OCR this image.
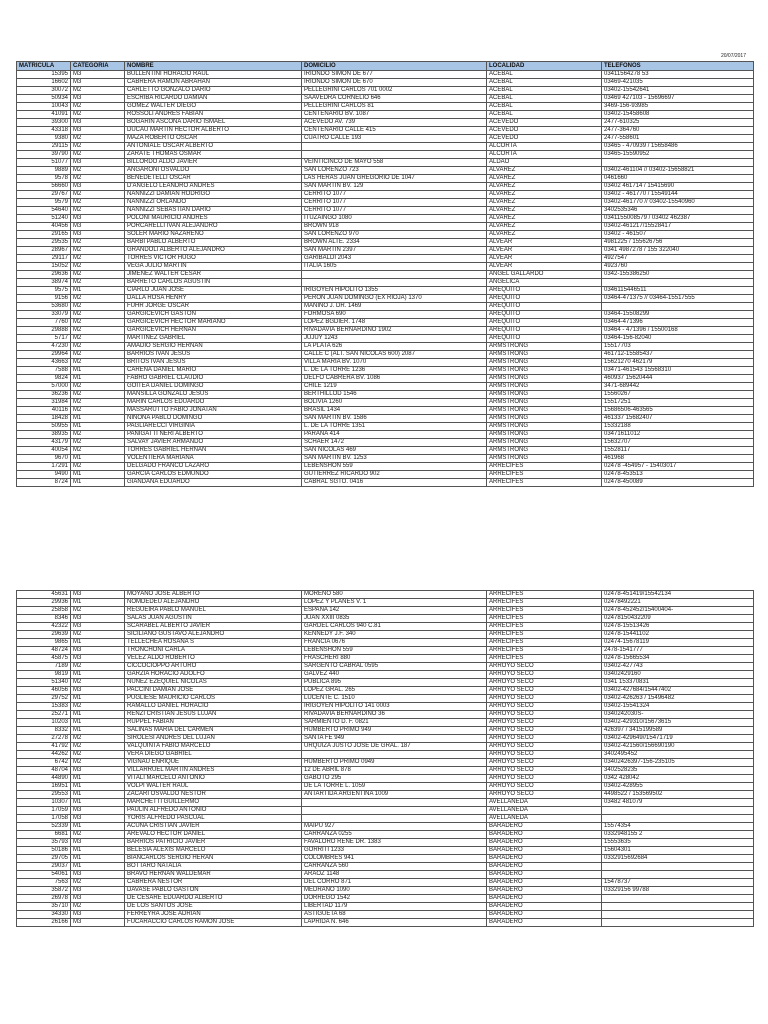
20/07/2017
MATRICULA	CATEGORIA	NOMBRE	DOMICILIO	LOCALIDAD	TELEFONOS
15395	M3	BULLENTINI HORACIO RAUL	IRIONDO SIMON DE 677	ACEBAL	03411564278 53
16602	M3	CABRERA RAMON ABRAHAN	IRIONDO SIMON DE 670	ACEBAL	03469-421035
30072	M2	CARLETTO GONZALO DARIO	PELLEGRINI CARLOS 701 0002	ACEBAL	03402-15542641
50934	M3	ESCRIBA RICARDO DAMIAN	SAAVEDRA CORNELIO 646	ACEBAL	03469 427103 - 15696697
10043	M2	GOMEZ WALTER DIEGO	PELLEGRINI CARLOS 81	ACEBAL	3469-156-93985
41091	M2	ROSSOLI ANDRES FABIAN	CENTENARIO BV. 1087	ACEBAL	03402-15458608
39300	M3	BOGARIN ASCONA DARIO ISMAEL	ACEVEDO AV. 739	ACEVEDO	2477-610325
43318	M3	DUCAU MARTIN HECTOR ALBERTO	CENTENARIO CALLE 415	ACEVEDO	2477-364760
9380	M2	MAZA ROBERTO OSCAR	CUATRO CALLE 193	ACEVEDO	2477-558601
29115	M2	ANTONIALE OSCAR ALBERTO		ALCORTA	03465 - 470939 / 15658486
39790	M2	ZARATE THOMAS OSMAR		ALCORTA	03465-15590952
51077	M3	BILLORDO ALDO JAVIER	VEINTICINCO DE MAYO 558	ALDAO	
9889	M2	ANGARONI OSVALDO	SAN LORENZO 723	ALVAREZ	03402-461104 // 03402-15658821
9578	M2	BENEDETELLI OSCAR	LAS HERAS JUAN GREGORIO DE 1047	ALVAREZ	0461660
56660	M3	D'ANGELO LEANDRO ANDRES	SAN MARTIN BV. 129	ALVAREZ	03402 461714 / 15415690
29767	M2	NANNIZZI DAMIAN RODRIGO	CERRITO 1077	ALVAREZ	03402 - 461770 / 15549144
9579	M2	NANNIZZI ORLANDO	CERRITO 1077	ALVAREZ	03402-461770 // 03402-15540960
54640	M2	NANNIZZI SEBASTIAN DARIO	CERRITO 1077	ALVAREZ	3402535346
51240	M3	POLONI MAURICIO ANDRES	ITUZAINGO 1080	ALVAREZ	0341155008579 / 03402 462387
40456	M3	PORCARELLI IVAN ALEJANDRO	BROWN 918	ALVAREZ	03402-461217/15528417
29165	M3	SOLER MARIO NAZARENO	SAN LORENZO 970	ALVAREZ	03402 - 461507
29535	M2	BARBI PABLO ALBERTO	BROWN ALTE. 2334	ALVEAR	4981225 / 155626756
28967	M2	GRANDOLI ALBERTO ALEJANDRO	SAN MARTIN 2397	ALVEAR	0341 4987278 / 155 322040
29117	M2	TORRES VICTOR HUGO	GARIBALDI 2043	ALVEAR	4927547
15052	M2	VEGA JULIO MARTIN	ITALIA 1605	ALVEAR	4923760
29636	M2	JIMENEZ WALTER CESAR		ANGEL GALLARDO	0342-155386250
38974	M2	BARRETO CARLOS AGUSTIN		ANGELICA	
9575	M1	CIARLO JUAN JOSE	IRIGOYEN HIPOLITO 1355	AREQUITO	0346115446511
9156	M2	DALLA ROSA HENRY	PERON JUAN DOMINGO (EX RIOJA) 1370	AREQUITO	03464-471375 // 03464-15517555
53680	M2	FUHR JORGE OSCAR	MANINO J. DR. 1469	AREQUITO	
33079	M2	GARGICEVICH GASTON	FORMOSA 690	AREQUITO	03464-15508299
7760	M2	GARGICEVICH HECTOR MARIANO	LOPEZ BGDIER. 1748	AREQUITO	03464-471396
29888	M2	GARGICEVICH HERNAN	RIVADAVIA BERNARDINO 1902	AREQUITO	03464 - 471396 / 15500168
5717	M2	MARTINEZ GABRIEL	JUJUY 1243	AREQUITO	03464-156-82040
47230	M2	AMADIO SERGIO HERNAN	LA PLATA 626	ARMSTRONG	15517703
29964	M2	BARRIOS IVAN JESUS	CALLE C (ALT. SAN NICOLAS 600) 2087	ARMSTRONG	461712-15585437
43663	M2	BRITOS IVAN JESUS	VILLA MARIA BV. 1070	ARMSTRONG	15621270 462179
7588	M1	CARENA DANIEL MARIO	L. DE LA TORRE 1236	ARMSTRONG	03471-461543 15568310
9824	M1	FABRO GABRIEL CLAUDIO	DELFO CABRERA BV. 1086	ARMSTRONG	460937 15620444
57000	M2	GOITEA DANIEL DOMINGO	CHILE 1219	ARMSTRONG	3471-689442
36236	M2	MANSILLA GONZALO JESUS	BERTHILLOD 1546	ARMSTRONG	15560267
31984	M2	MARIN CARLOS EDUARDO	BOLIVIA 1260	ARMSTRONG	15517251
40116	M2	MASSARUTTO FABIO JONATAN	BRASIL 1434	ARMSTRONG	15686506-463565
18428	M1	NINONA PABLO DOMINGO	SAN MARTIN BV. 1586	ARMSTRONG	461337 15682407
50955	M1	PAGLIARECCI VIRGINIA	L. DE LA TORRE 1351	ARMSTRONG	15332188
38935	M2	PANIGATTI NERI ALBERTO	PARANA 414	ARMSTRONG	03471611012
43179	M2	SALVAY JAVIER ARMANDO	SCHAER 1472	ARMSTRONG	15632707
40054	M2	TORRES GABRIEL HERNAN	SAN NICOLAS 469	ARMSTRONG	15528117
9670	M1	VOLENTIERA MARIANA	SAN MARTIN BV. 1253	ARMSTRONG	461968
17291	M2	DELGADO FRANCO LAZARO	LEBENSHON 559	ARRECIFES	02478 -454957 - 15403017
9490	M1	GARCIA CARLOS EDMUNDO	GUTIERREZ RICARDO 902	ARRECIFES	02478-453513
8724	M1	GIANDANA EDUARDO	CABRAL SGTO. 0416	ARRECIFES	02478-450089
45631	M3	MOYANO JOSE ALBERTO	MORENO 580	ARRECIFES	02478-451419/15542134
29936	M1	NOMDEDEU ALEJANDRO	LOPEZ Y PLANES V. 1	ARRECIFES	02478492221
25858	M2	REGUEIRA PABLO MANUEL	ESPAÑA 142	ARRECIFES	02478-452452/15400404-
8346	M3	SALAS JUAN AGUSTIN	JUAN XXIII 0835	ARRECIFES	02478150432209
42322	M3	SCARABEL ALBERTO JAVIER	GARDEL CARLOS 940 C.81	ARRECIFES	02478-15513426
29639	M2	SICILIANO GUSTAVO ALEJANDRO	KENNEDY J.F. 340	ARRECIFES	02478-15441102
9865	M1	TELLECHEA ROSANA S	FRANCIA 0676	ARRECIFES	02474-15678119
48724	M3	TRONCHONI CARLA	LEBENSHON 559	ARRECIFES	2478-1541777
45875	M3	VELEZ ALDO ROBERTO	FRASCHERI 880	ARRECIFES	02478-15665534
7189	M2	CICCOCIOPPO ARTURO	SARGENTO CABRAL 0595	ARROYO SECO	03402-427743
9819	M1	GARZIA HORACIO ADOLFO	GALVEZ 440	ARROYO SECO	03402429160
51340	M2	NUÑEZ EZEQUIEL NICOLAS	PUBLICA 895	ARROYO SECO	0341 153370831
46056	M3	PACCINI DAMIAN JOSE	LOPEZ GRAL. 265	ARROYO SECO	03402-427684/15447402
29752	M1	PUGLIESE MAURICIO CARLOS	LUCENTE C. 1510	ARROYO SECO	03402-426263 / 15496482
15383	M2	RAMALLO DANIEL HORACIO	IRIGOYEN HIPOLITO 141 0003	ARROYO SECO	03402-15541324
25271	M1	RENZI CRISTIAN JESUS LUJAN	RIVADAVIA BERNARDINO 36	ARROYO SECO	0340242030S-
10203	M1	RUPPEL FABIAN	SARMIENTO D. F. 0821	ARROYO SECO	03402-429310/15673615
8332	M1	SALINAS MARIA DEL CARMEN	HUMBERTO PRIMO 949	ARROYO SECO	426397 / 3415199589
27278	M2	SIROLESI ANDRES DEL LUJAN	SANTA FE 949	ARROYO SECO	03402-429649//15471719
41792	M2	VALQUINTA FABIO MARCELO	URQUIZA JUSTO JOSE DE GRAL. 187	ARROYO SECO	03402-421560/156690190
44262	M2	VERA DIEGO GABRIEL		ARROYO SECO	3402495452
6742	M2	VIGNAU ENRIQUE	HUMBERTO PRIMO 0949	ARROYO SECO	03402426397-156-235105
48704	M3	VILLARRUEL MARTIN ANDRES	12 DE ABRIL 878	ARROYO SECO	3402528235
44890	M1	VITALI MARCELO ANTONIO	GABOTO 295	ARROYO SECO	0342 428042
16951	M1	VOLPI WALTER RAUL	DE LA TORRE L. 1059	ARROYO SECO	03402-428955
29553	M1	ZACARI OSVALDO NESTOR	ANTARTIDA ARGENTINA 1009	ARROYO SECO	4498522 / 153569502
10307	M1	MARCHETTI GUILLERMO		AVELLANEDA	03482 481079
17059	M3	PAULIN ALFREDO ANTONIO		AVELLANEDA	
17058	M3	YORIS ALFREDO PASCUAL		AVELLANEDA	
52339	M1	ACUÑA CRISTIAN JAVIER	MAIPU 927	BARADERO	15574354
6681	M2	AREVALO HECTOR DANIEL	CARRANZA 0255	BARADERO	0332948155 2
35793	M3	BARRIOS PATRICIO JAVIER	FAVALORO RENE DR. 1383	BARADERO	15553635
50186	M1	BELESIA ALEXIS MARCELO	GORRITI 1233	BARADERO	15604301
29705	M1	BIANCARLOS SERGIO HERAN	COLOMBRES 941	BARADERO	0332915692684
29037	M1	BOTTARO NATALIA	CARRANZA 560	BARADERO	
54061	M3	BRAVO HERNAN WALDEMAR	ARAOZ 1148	BARADERO	
7563	M2	CABRERA NESTOR	DEL CORRO 871	BARADERO	15478737
35872	M3	DAVASE PABLO GASTON	MEDRANO 1090	BARADERO	03329156 99788
26978	M3	DE CESARE EDUARDO ALBERTO	DORREGO 1542	BARADERO	
35710	M2	DE LOS SANTOS JOSE	LIBERTAD 1179	BARADERO	
34330	M3	FERREYRA JOSE ADRIAN	ASTIGUETA 68	BARADERO	
26166	M3	FUCARACCIO CARLOS RAMON JOSE	LAPRIDA N. 646	BARADERO	
